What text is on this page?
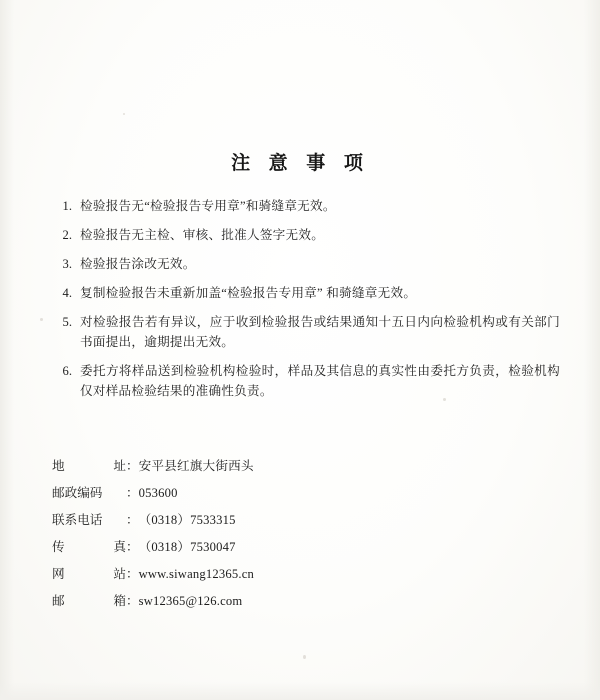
注 意 事 项
1. 检验报告无“检验报告专用章”和骑缝章无效。
2. 检验报告无主检、审核、批准人签字无效。
3. 检验报告涂改无效。
4. 复制检验报告未重新加盖“检验报告专用章” 和骑缝章无效。
5. 对检验报告若有异议，应于收到检验报告或结果通知十五日内向检验机构或有关部门书面提出，逾期提出无效。
6. 委托方将样品送到检验机构检验时，样品及其信息的真实性由委托方负责，检验机构仅对样品检验结果的准确性负责。
地	址 ： 安平县红旗大街西头
邮政编码 ： 053600
联系电话 ： （0318）7533315
传	真 ： （0318）7530047
网	站 ： www.siwang12365.cn
邮	箱 ： sw12365@126.com
